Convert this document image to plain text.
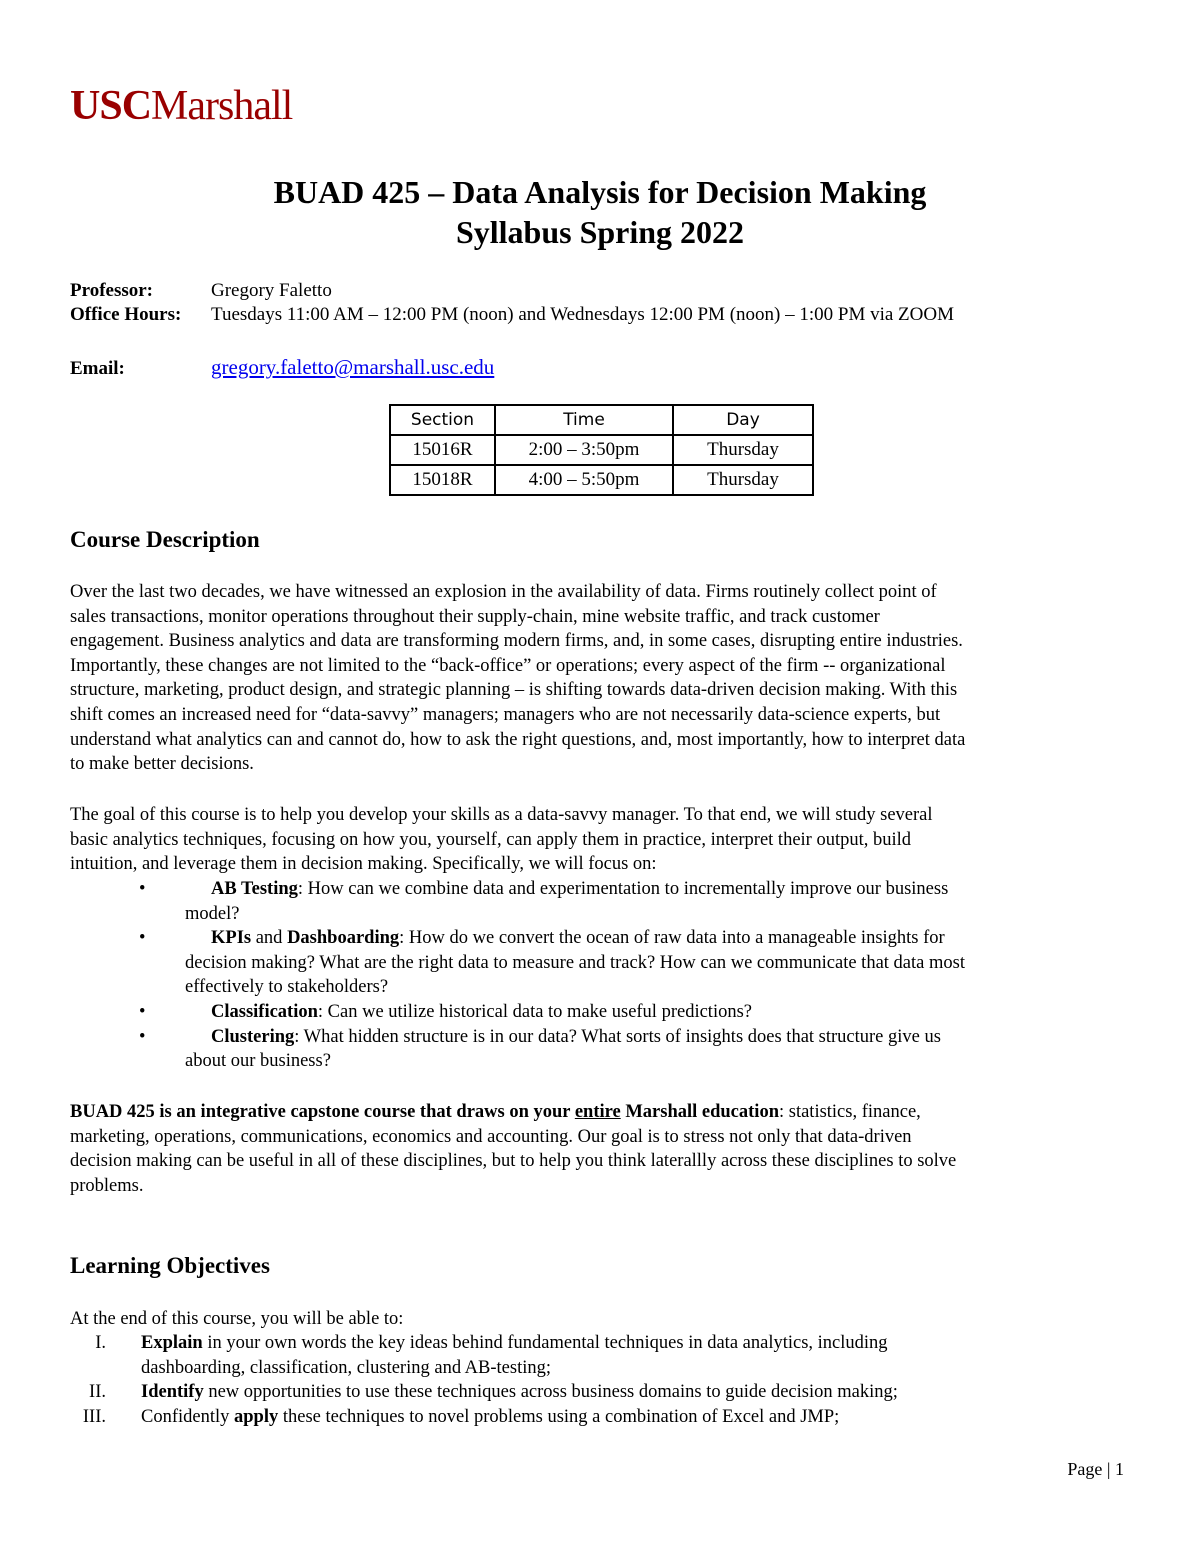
USCMarshall
BUAD 425 – Data Analysis for Decision Making
Syllabus Spring 2022
Professor:	Gregory Faletto
Office Hours: Tuesdays 11:00 AM – 12:00 PM (noon) and Wednesdays 12:00 PM (noon) – 1:00 PM via ZOOM
Email:	gregory.faletto@marshall.usc.edu
Section	Time	Day
15016R	2:00 – 3:50pm	Thursday
15018R	4:00 – 5:50pm	Thursday
Course Description
Over the last two decades, we have witnessed an explosion in the availability of data. Firms routinely collect point of
sales transactions, monitor operations throughout their supply-chain, mine website traffic, and track customer
engagement. Business analytics and data are transforming modern firms, and, in some cases, disrupting entire industries.
Importantly, these changes are not limited to the “back-office” or operations; every aspect of the firm -- organizational
structure, marketing, product design, and strategic planning – is shifting towards data-driven decision making. With this
shift comes an increased need for “data-savvy” managers; managers who are not necessarily data-science experts, but
understand what analytics can and cannot do, how to ask the right questions, and, most importantly, how to interpret data
to make better decisions.
The goal of this course is to help you develop your skills as a data-savvy manager. To that end, we will study several
basic analytics techniques, focusing on how you, yourself, can apply them in practice, interpret their output, build
intuition, and leverage them in decision making. Specifically, we will focus on:
•	AB Testing: How can we combine data and experimentation to incrementally improve our business
model?
•	KPIs and Dashboarding: How do we convert the ocean of raw data into a manageable insights for
decision making? What are the right data to measure and track? How can we communicate that data most
effectively to stakeholders?
•	Classification: Can we utilize historical data to make useful predictions?
•	Clustering: What hidden structure is in our data? What sorts of insights does that structure give us
about our business?
BUAD 425 is an integrative capstone course that draws on your entire Marshall education: statistics, finance,
marketing, operations, communications, economics and accounting. Our goal is to stress not only that data-driven
decision making can be useful in all of these disciplines, but to help you think laterallly across these disciplines to solve
problems.
Learning Objectives
At the end of this course, you will be able to:
I. Explain in your own words the key ideas behind fundamental techniques in data analytics, including
dashboarding, classification, clustering and AB-testing;
II. Identify new opportunities to use these techniques across business domains to guide decision making;
III. Confidently apply these techniques to novel problems using a combination of Excel and JMP;
Page | 1
